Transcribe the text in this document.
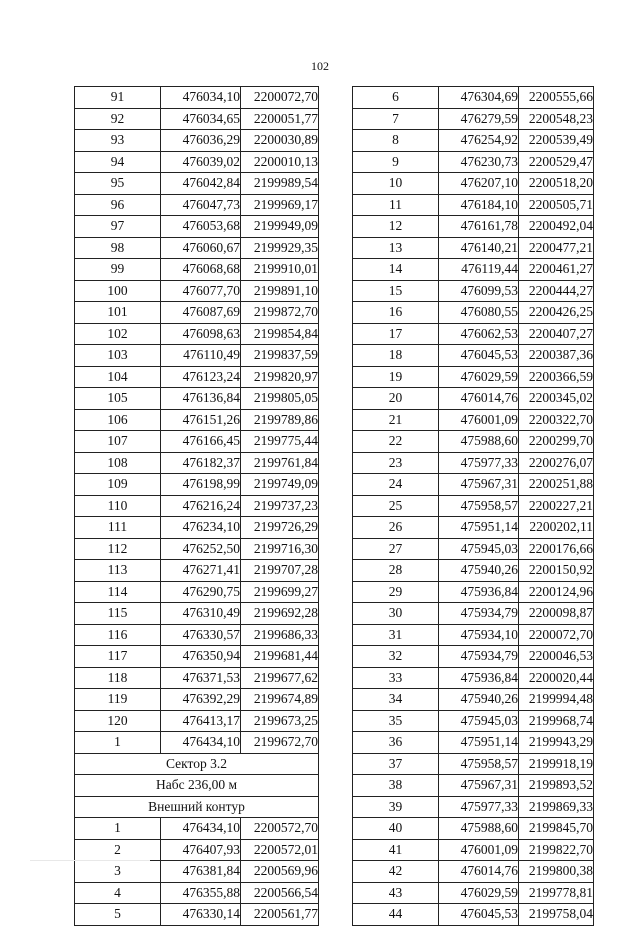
102
91	476034,10	2200072,70
92	476034,65	2200051,77
93	476036,29	2200030,89
94	476039,02	2200010,13
95	476042,84	2199989,54
96	476047,73	2199969,17
97	476053,68	2199949,09
98	476060,67	2199929,35
99	476068,68	2199910,01
100	476077,70	2199891,10
101	476087,69	2199872,70
102	476098,63	2199854,84
103	476110,49	2199837,59
104	476123,24	2199820,97
105	476136,84	2199805,05
106	476151,26	2199789,86
107	476166,45	2199775,44
108	476182,37	2199761,84
109	476198,99	2199749,09
110	476216,24	2199737,23
111	476234,10	2199726,29
112	476252,50	2199716,30
113	476271,41	2199707,28
114	476290,75	2199699,27
115	476310,49	2199692,28
116	476330,57	2199686,33
117	476350,94	2199681,44
118	476371,53	2199677,62
119	476392,29	2199674,89
120	476413,17	2199673,25
1	476434,10	2199672,70
Сектор 3.2		
Набс 236,00 м		
Внешний контур		
1	476434,10	2200572,70
2	476407,93	2200572,01
3	476381,84	2200569,96
4	476355,88	2200566,54
5	476330,14	2200561,77
6	476304,69	2200555,66
7	476279,59	2200548,23
8	476254,92	2200539,49
9	476230,73	2200529,47
10	476207,10	2200518,20
11	476184,10	2200505,71
12	476161,78	2200492,04
13	476140,21	2200477,21
14	476119,44	2200461,27
15	476099,53	2200444,27
16	476080,55	2200426,25
17	476062,53	2200407,27
18	476045,53	2200387,36
19	476029,59	2200366,59
20	476014,76	2200345,02
21	476001,09	2200322,70
22	475988,60	2200299,70
23	475977,33	2200276,07
24	475967,31	2200251,88
25	475958,57	2200227,21
26	475951,14	2200202,11
27	475945,03	2200176,66
28	475940,26	2200150,92
29	475936,84	2200124,96
30	475934,79	2200098,87
31	475934,10	2200072,70
32	475934,79	2200046,53
33	475936,84	2200020,44
34	475940,26	2199994,48
35	475945,03	2199968,74
36	475951,14	2199943,29
37	475958,57	2199918,19
38	475967,31	2199893,52
39	475977,33	2199869,33
40	475988,60	2199845,70
41	476001,09	2199822,70
42	476014,76	2199800,38
43	476029,59	2199778,81
44	476045,53	2199758,04
